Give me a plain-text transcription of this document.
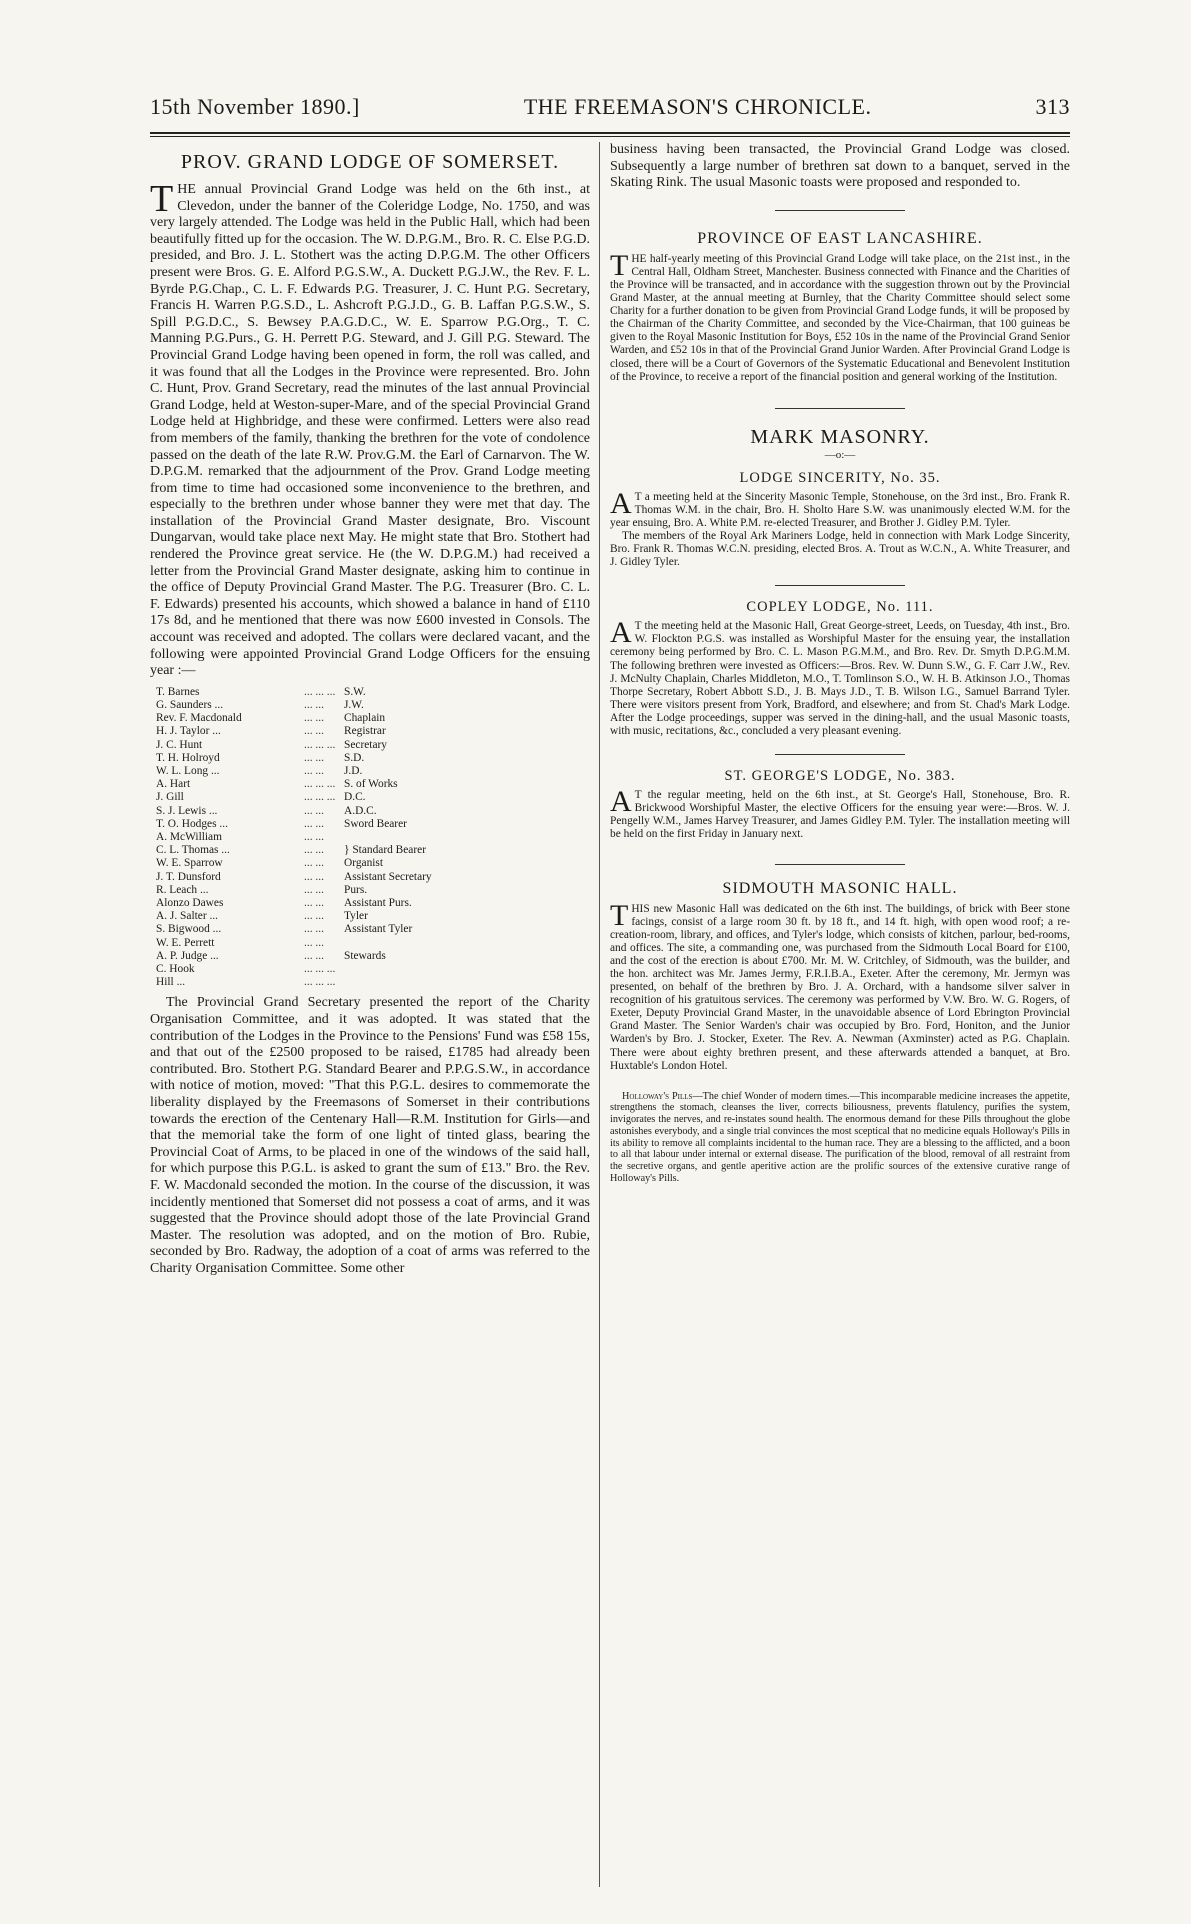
15th November 1890.]	THE FREEMASON'S CHRONICLE.	313
PROV. GRAND LODGE OF SOMERSET.

T HE annual Provincial Grand Lodge was held on the 6th inst., at Clevedon, under the banner of the Coleridge Lodge, No. 1750, and was very largely attended. The Lodge was held in the Public Hall, which had been beautifully fitted up for the occasion. The W. D.P.G.M., Bro. R. C. Else P.G.D. presided, and Bro. J. L. Stothert was the acting D.P.G.M. The other Officers present were Bros. G. E. Alford P.G.S.W., A. Duckett P.G.J.W., the Rev. F. L. Byrde P.G.Chap., C. L. F. Edwards P.G. Treasurer, J. C. Hunt P.G. Secretary, Francis H. Warren P.G.S.D., L. Ashcroft P.G.J.D., G. B. Laffan P.G.S.W., S. Spill P.G.D.C., S. Bewsey P.A.G.D.C., W. E. Sparrow P.G.Org., T. C. Manning P.G.Purs., G. H. Perrett P.G. Steward, and J. Gill P.G. Steward. The Provincial Grand Lodge having been opened in form, the roll was called, and it was found that all the Lodges in the Province were represented. Bro. John C. Hunt, Prov. Grand Secretary, read the minutes of the last annual Provincial Grand Lodge, held at Weston-super-Mare, and of the special Provincial Grand Lodge held at Highbridge, and these were confirmed. Letters were also read from members of the family, thanking the brethren for the vote of condolence passed on the death of the late R.W. Prov.G.M. the Earl of Carnarvon. The W. D.P.G.M. remarked that the adjournment of the Prov. Grand Lodge meeting from time to time had occasioned some inconvenience to the brethren, and especially to the brethren under whose banner they were met that day. The installation of the Provincial Grand Master designate, Bro. Viscount Dungarvan, would take place next May. He might state that Bro. Stothert had rendered the Province great service. He (the W. D.P.G.M.) had received a letter from the Provincial Grand Master designate, asking him to continue in the office of Deputy Provincial Grand Master. The P.G. Treasurer (Bro. C. L. F. Edwards) presented his accounts, which showed a balance in hand of £110 17s 8d, and he mentioned that there was now £600 invested in Consols. The account was received and adopted. The collars were declared vacant, and the following were appointed Provincial Grand Lodge Officers for the ensuing year :—

T. Barnes	... ... ...	S.W.
G. Saunders ...	... ...	J.W.
Rev. F. Macdonald	... ...	Chaplain
H. J. Taylor ...	... ...	Registrar
J. C. Hunt	... ... ...	Secretary
T. H. Holroyd	... ...	S.D.
W. L. Long ...	... ...	J.D.
A. Hart	... ... ...	S. of Works
J. Gill	... ... ...	D.C.
S. J. Lewis ...	... ...	A.D.C.
T. O. Hodges ...	... ...	Sword Bearer
A. McWilliam	... ...	
C. L. Thomas ...	... ...	} Standard Bearer
W. E. Sparrow	... ...	Organist
J. T. Dunsford	... ...	Assistant Secretary
R. Leach ...	... ...	Purs.
Alonzo Dawes	... ...	Assistant Purs.
A. J. Salter ...	... ...	Tyler
S. Bigwood ...	... ...	Assistant Tyler
W. E. Perrett	... ...	
A. P. Judge ...	... ...	Stewards
C. Hook	... ... ...	
Hill ...	... ... ...	

The Provincial Grand Secretary presented the report of the Charity Organisation Committee, and it was adopted. It was stated that the contribution of the Lodges in the Province to the Pensions' Fund was £58 15s, and that out of the £2500 proposed to be raised, £1785 had already been contributed. Bro. Stothert P.G. Standard Bearer and P.P.G.S.W., in accordance with notice of motion, moved: "That this P.G.L. desires to commemorate the liberality displayed by the Freemasons of Somerset in their contributions towards the erection of the Centenary Hall—R.M. Institution for Girls—and that the memorial take the form of one light of tinted glass, bearing the Provincial Coat of Arms, to be placed in one of the windows of the said hall, for which purpose this P.G.L. is asked to grant the sum of £13." Bro. the Rev. F. W. Macdonald seconded the motion. In the course of the discussion, it was incidently mentioned that Somerset did not possess a coat of arms, and it was suggested that the Province should adopt those of the late Provincial Grand Master. The resolution was adopted, and on the motion of Bro. Rubie, seconded by Bro. Radway, the adoption of a coat of arms was referred to the Charity Organisation Committee. Some other

business having been transacted, the Provincial Grand Lodge was closed. Subsequently a large number of brethren sat down to a banquet, served in the Skating Rink. The usual Masonic toasts were proposed and responded to.

PROVINCE OF EAST LANCASHIRE.

T HE half-yearly meeting of this Provincial Grand Lodge will take place, on the 21st inst., in the Central Hall, Oldham Street, Manchester. Business connected with Finance and the Charities of the Province will be transacted, and in accordance with the suggestion thrown out by the Provincial Grand Master, at the annual meeting at Burnley, that the Charity Committee should select some Charity for a further donation to be given from Provincial Grand Lodge funds, it will be proposed by the Chairman of the Charity Committee, and seconded by the Vice-Chairman, that 100 guineas be given to the Royal Masonic Institution for Boys, £52 10s in the name of the Provincial Grand Senior Warden, and £52 10s in that of the Provincial Grand Junior Warden. After Provincial Grand Lodge is closed, there will be a Court of Governors of the Systematic Educational and Benevolent Institution of the Province, to receive a report of the financial position and general working of the Institution.

MARK MASONRY.
—o:—
LODGE SINCERITY, No. 35.

A T a meeting held at the Sincerity Masonic Temple, Stonehouse, on the 3rd inst., Bro. Frank R. Thomas W.M. in the chair, Bro. H. Sholto Hare S.W. was unanimously elected W.M. for the year ensuing, Bro. A. White P.M. re-elected Treasurer, and Brother J. Gidley P.M. Tyler.

The members of the Royal Ark Mariners Lodge, held in connection with Mark Lodge Sincerity, Bro. Frank R. Thomas W.C.N. presiding, elected Bros. A. Trout as W.C.N., A. White Treasurer, and J. Gidley Tyler.

COPLEY LODGE, No. 111.

A T the meeting held at the Masonic Hall, Great George-street, Leeds, on Tuesday, 4th inst., Bro. W. Flockton P.G.S. was installed as Worshipful Master for the ensuing year, the installation ceremony being performed by Bro. C. L. Mason P.G.M.M., and Bro. Rev. Dr. Smyth D.P.G.M.M. The following brethren were invested as Officers:—Bros. Rev. W. Dunn S.W., G. F. Carr J.W., Rev. J. McNulty Chaplain, Charles Middleton, M.O., T. Tomlinson S.O., W. H. B. Atkinson J.O., Thomas Thorpe Secretary, Robert Abbott S.D., J. B. Mays J.D., T. B. Wilson I.G., Samuel Barrand Tyler. There were visitors present from York, Bradford, and elsewhere; and from St. Chad's Mark Lodge. After the Lodge proceedings, supper was served in the dining-hall, and the usual Masonic toasts, with music, recitations, &c., concluded a very pleasant evening.

ST. GEORGE'S LODGE, No. 383.

A T the regular meeting, held on the 6th inst., at St. George's Hall, Stonehouse, Bro. R. Brickwood Worshipful Master, the elective Officers for the ensuing year were:—Bros. W. J. Pengelly W.M., James Harvey Treasurer, and James Gidley P.M. Tyler. The installation meeting will be held on the first Friday in January next.

SIDMOUTH MASONIC HALL.

T HIS new Masonic Hall was dedicated on the 6th inst. The buildings, of brick with Beer stone facings, consist of a large room 30 ft. by 18 ft., and 14 ft. high, with open wood roof; a re-creation-room, library, and offices, and Tyler's lodge, which consists of kitchen, parlour, bed-rooms, and offices. The site, a commanding one, was purchased from the Sidmouth Local Board for £100, and the cost of the erection is about £700. Mr. M. W. Critchley, of Sidmouth, was the builder, and the hon. architect was Mr. James Jermy, F.R.I.B.A., Exeter. After the ceremony, Mr. Jermyn was presented, on behalf of the brethren by Bro. J. A. Orchard, with a handsome silver salver in recognition of his gratuitous services. The ceremony was performed by V.W. Bro. W. G. Rogers, of Exeter, Deputy Provincial Grand Master, in the unavoidable absence of Lord Ebrington Provincial Grand Master. The Senior Warden's chair was occupied by Bro. Ford, Honiton, and the Junior Warden's by Bro. J. Stocker, Exeter. The Rev. A. Newman (Axminster) acted as P.G. Chaplain. There were about eighty brethren present, and these afterwards attended a banquet, at Bro. Huxtable's London Hotel.

Holloway's Pills—The chief Wonder of modern times.—This incomparable medicine increases the appetite, strengthens the stomach, cleanses the liver, corrects biliousness, prevents flatulency, purifies the system, invigorates the nerves, and re-instates sound health. The enormous demand for these Pills throughout the globe astonishes everybody, and a single trial convinces the most sceptical that no medicine equals Holloway's Pills in its ability to remove all complaints incidental to the human race. They are a blessing to the afflicted, and a boon to all that labour under internal or external disease. The purification of the blood, removal of all restraint from the secretive organs, and gentle aperitive action are the prolific sources of the extensive curative range of Holloway's Pills.
